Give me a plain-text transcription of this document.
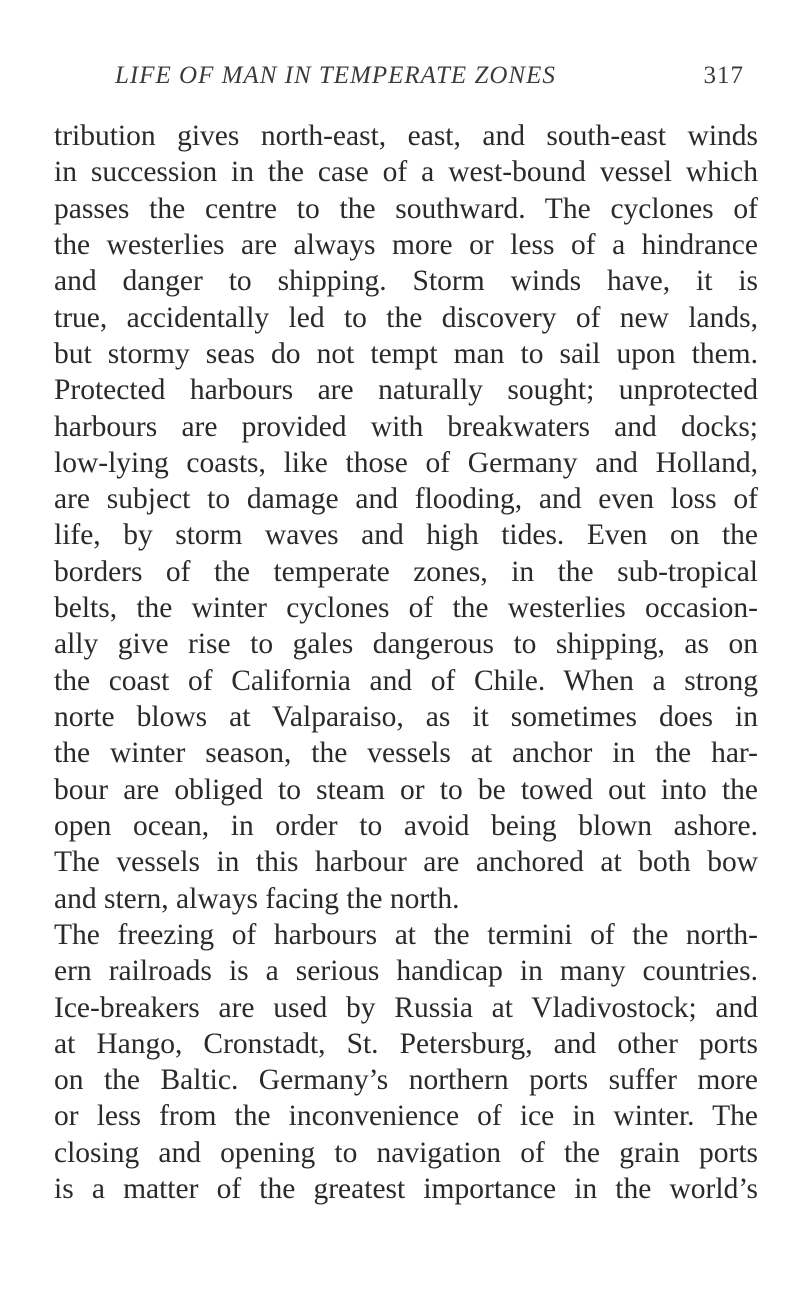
LIFE OF MAN IN TEMPERATE ZONES	317
tribution gives north-east, east, and south-east winds
in succession in the case of a west-bound vessel which
passes the centre to the southward. The cyclones of
the westerlies are always more or less of a hindrance
and danger to shipping. Storm winds have, it is
true, accidentally led to the discovery of new lands,
but stormy seas do not tempt man to sail upon them.
Protected harbours are naturally sought; unprotected
harbours are provided with breakwaters and docks;
low-lying coasts, like those of Germany and Holland,
are subject to damage and flooding, and even loss of
life, by storm waves and high tides. Even on the
borders of the temperate zones, in the sub-tropical
belts, the winter cyclones of the westerlies occasion-
ally give rise to gales dangerous to shipping, as on
the coast of California and of Chile. When a strong
norte blows at Valparaiso, as it sometimes does in
the winter season, the vessels at anchor in the har-
bour are obliged to steam or to be towed out into the
open ocean, in order to avoid being blown ashore.
The vessels in this harbour are anchored at both bow
and stern, always facing the north.
The freezing of harbours at the termini of the north-
ern railroads is a serious handicap in many countries.
Ice-breakers are used by Russia at Vladivostock; and
at Hango, Cronstadt, St. Petersburg, and other ports
on the Baltic. Germany’s northern ports suffer more
or less from the inconvenience of ice in winter. The
closing and opening to navigation of the grain ports
is a matter of the greatest importance in the world’s
